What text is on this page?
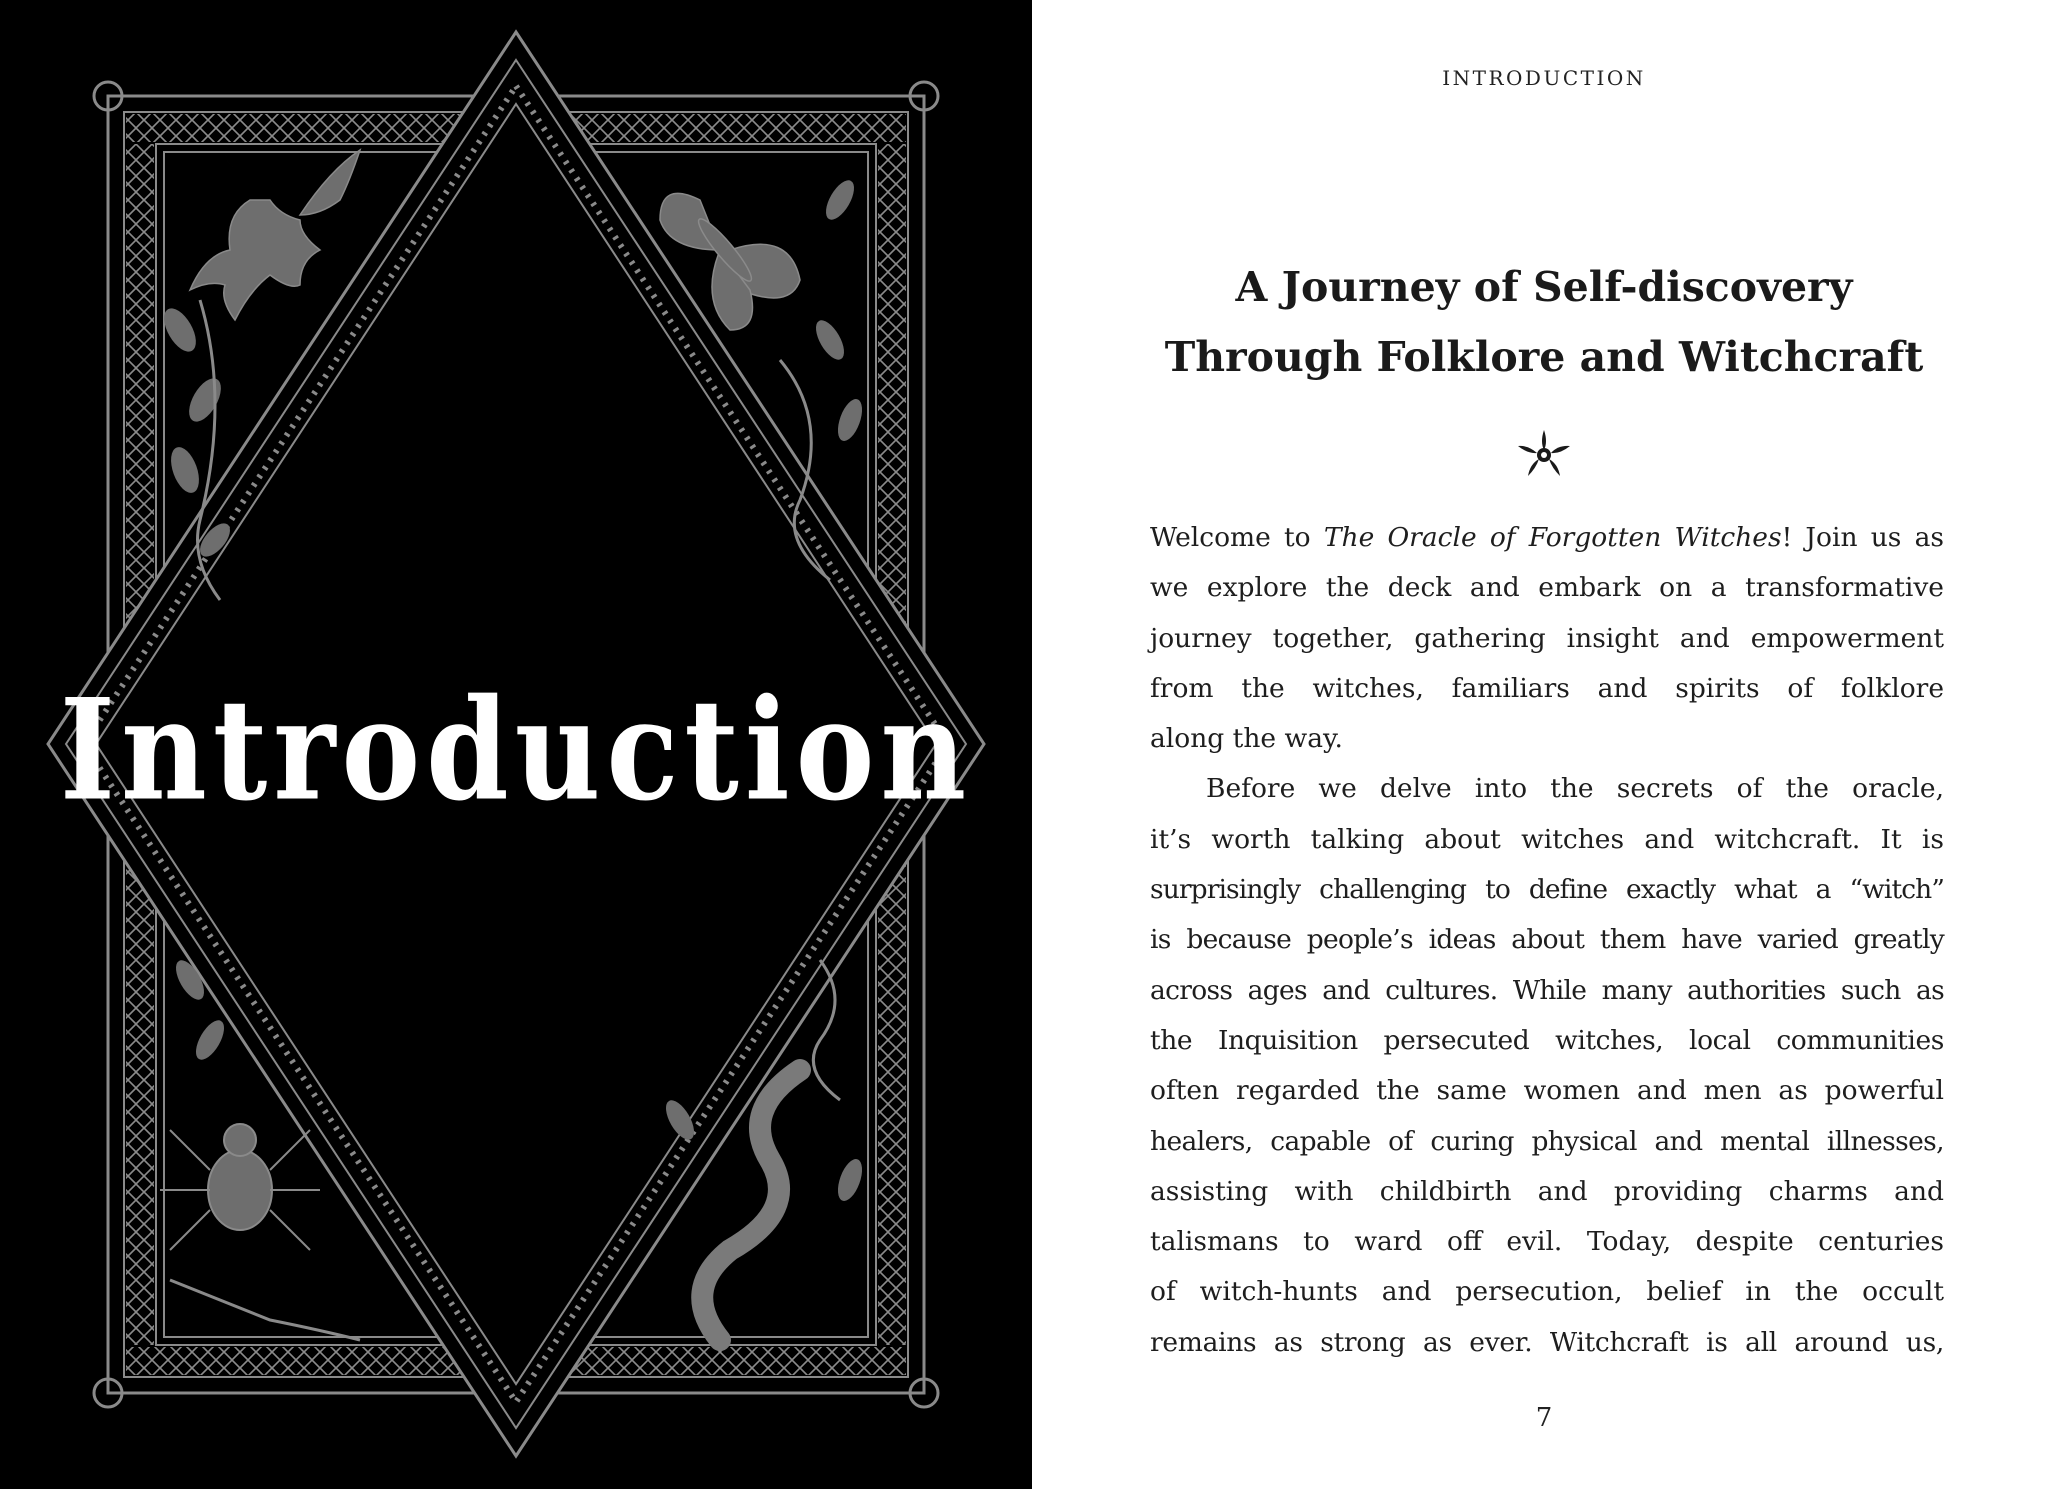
Introduction
INTRODUCTION
A Journey of Self-discovery
Through Folklore and Witchcraft

Welcome to The Oracle of Forgotten Witches! Join us as
we explore the deck and embark on a transformative
journey together, gathering insight and empowerment
from the witches, familiars and spirits of folklore
along the way.

Before we delve into the secrets of the oracle,
it’s worth talking about witches and witchcraft. It is
surprisingly challenging to define exactly what a “witch”
is because people’s ideas about them have varied greatly
across ages and cultures. While many authorities such as
the Inquisition persecuted witches, local communities
often regarded the same women and men as powerful
healers, capable of curing physical and mental illnesses,
assisting with childbirth and providing charms and
talismans to ward off evil. Today, despite centuries
of witch-hunts and persecution, belief in the occult
remains as strong as ever. Witchcraft is all around us,

7
